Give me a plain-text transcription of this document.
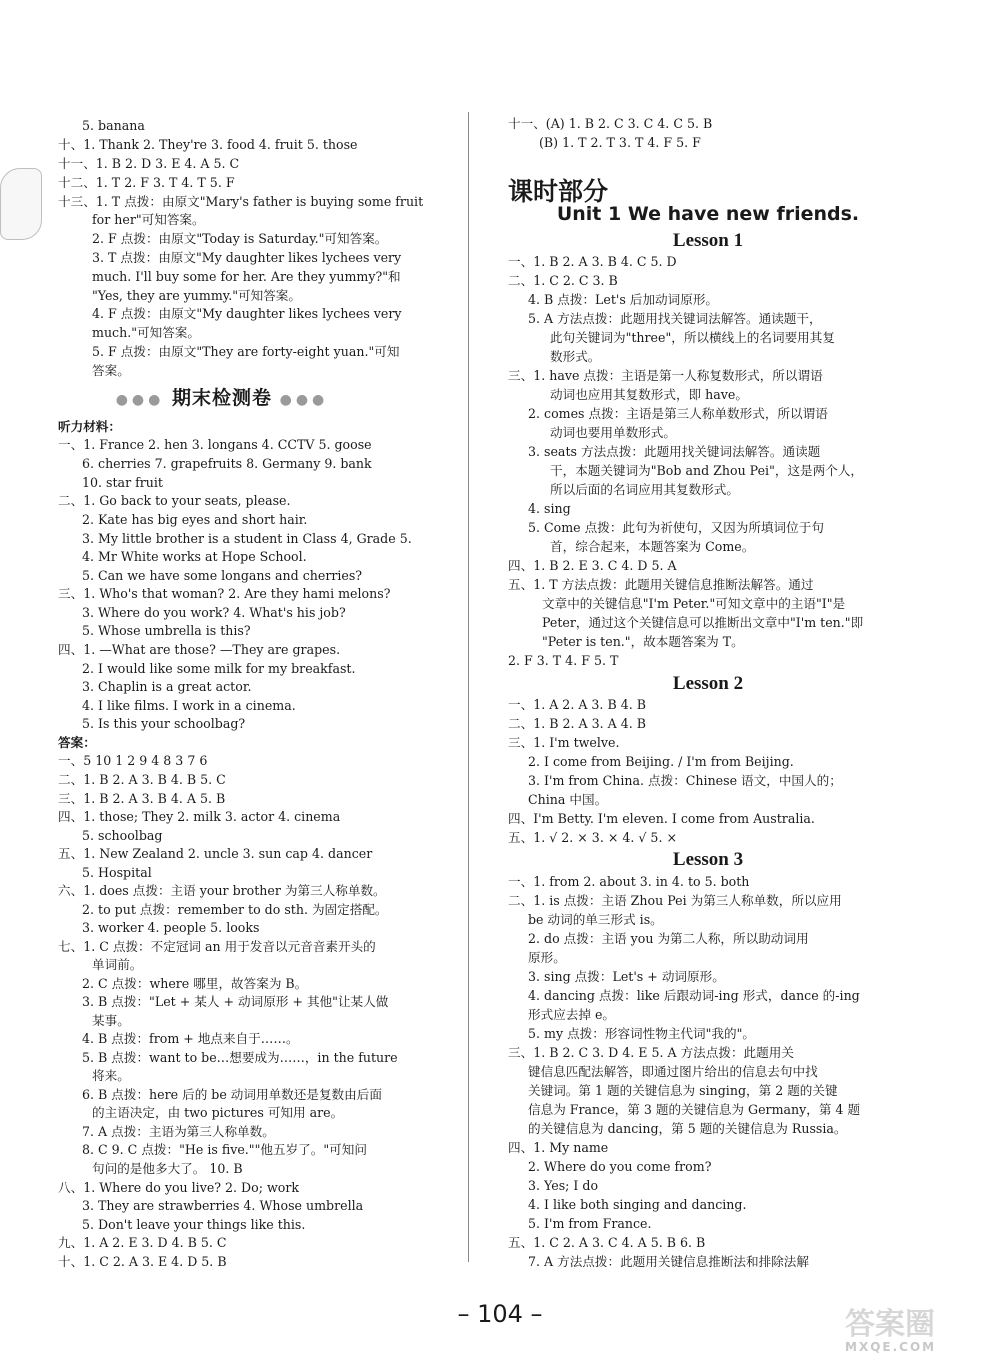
5. banana
十、1. Thank 2. They're 3. food 4. fruit 5. those
十一、1. B 2. D 3. E 4. A 5. C
十二、1. T 2. F 3. T 4. T 5. F
十三、1. T 点拨：由原文"Mary's father is buying some fruit
for her"可知答案。
2. F 点拨：由原文"Today is Saturday."可知答案。
3. T 点拨：由原文"My daughter likes lychees very
much. I'll buy some for her. Are they yummy?"和
"Yes, they are yummy."可知答案。
4. F 点拨：由原文"My daughter likes lychees very
much."可知答案。
5. F 点拨：由原文"They are forty-eight yuan."可知
答案。
听力材料：
一、1. France 2. hen 3. longans 4. CCTV 5. goose
6. cherries 7. grapefruits 8. Germany 9. bank
10. star fruit
二、1. Go back to your seats, please.
2. Kate has big eyes and short hair.
3. My little brother is a student in Class 4, Grade 5.
4. Mr White works at Hope School.
5. Can we have some longans and cherries?
三、1. Who's that woman? 2. Are they hami melons?
3. Where do you work? 4. What's his job?
5. Whose umbrella is this?
四、1. —What are those? —They are grapes.
2. I would like some milk for my breakfast.
3. Chaplin is a great actor.
4. I like films. I work in a cinema.
5. Is this your schoolbag?
答案：
一、5 10 1 2 9 4 8 3 7 6
二、1. B 2. A 3. B 4. B 5. C
三、1. B 2. A 3. B 4. A 5. B
四、1. those; They 2. milk 3. actor 4. cinema
5. schoolbag
五、1. New Zealand 2. uncle 3. sun cap 4. dancer
5. Hospital
六、1. does 点拨：主语 your brother 为第三人称单数。
2. to put 点拨：remember to do sth. 为固定搭配。
3. worker 4. people 5. looks
七、1. C 点拨：不定冠词 an 用于发音以元音音素开头的
单词前。
2. C 点拨：where 哪里，故答案为 B。
3. B 点拨："Let + 某人 + 动词原形 + 其他"让某人做
某事。
4. B 点拨：from + 地点来自于……。
5. B 点拨：want to be…想要成为……，in the future
将来。
6. B 点拨：here 后的 be 动词用单数还是复数由后面
的主语决定，由 two pictures 可知用 are。
7. A 点拨：主语为第三人称单数。
8. C 9. C 点拨："He is five.""他五岁了。"可知问
句问的是他多大了。 10. B
八、1. Where do you live? 2. Do; work
3. They are strawberries 4. Whose umbrella
5. Don't leave your things like this.
九、1. A 2. E 3. D 4. B 5. C
十、1. C 2. A 3. E 4. D 5. B
●●● 期末检测卷 ●●●
十一、(A) 1. B 2. C 3. C 4. C 5. B
(B) 1. T 2. T 3. T 4. F 5. F
课时部分
Unit 1 We have new friends.
Lesson 1
一、1. B 2. A 3. B 4. C 5. D
二、1. C 2. C 3. B
4. B 点拨：Let's 后加动词原形。
5. A 方法点拨：此题用找关键词法解答。通读题干，
此句关键词为"three"，所以横线上的名词要用其复
数形式。
三、1. have 点拨：主语是第一人称复数形式，所以谓语
动词也应用其复数形式，即 have。
2. comes 点拨：主语是第三人称单数形式，所以谓语
动词也要用单数形式。
3. seats 方法点拨：此题用找关键词法解答。通读题
干，本题关键词为"Bob and Zhou Pei"，这是两个人，
所以后面的名词应用其复数形式。
4. sing
5. Come 点拨：此句为祈使句，又因为所填词位于句
首，综合起来，本题答案为 Come。
四、1. B 2. E 3. C 4. D 5. A
五、1. T 方法点拨：此题用关键信息推断法解答。通过
文章中的关键信息"I'm Peter."可知文章中的主语"I"是
Peter，通过这个关键信息可以推断出文章中"I'm ten."即
"Peter is ten."，故本题答案为 T。
2. F 3. T 4. F 5. T
Lesson 2
一、1. A 2. A 3. B 4. B
二、1. B 2. A 3. A 4. B
三、1. I'm twelve.
2. I come from Beijing. / I'm from Beijing.
3. I'm from China. 点拨：Chinese 语文，中国人的；
China 中国。
四、I'm Betty. I'm eleven. I come from Australia.
五、1. √ 2. × 3. × 4. √ 5. ×
Lesson 3
一、1. from 2. about 3. in 4. to 5. both
二、1. is 点拨：主语 Zhou Pei 为第三人称单数，所以应用
be 动词的单三形式 is。
2. do 点拨：主语 you 为第二人称，所以助动词用
原形。
3. sing 点拨：Let's + 动词原形。
4. dancing 点拨：like 后跟动词-ing 形式，dance 的-ing
形式应去掉 e。
5. my 点拨：形容词性物主代词"我的"。
三、1. B 2. C 3. D 4. E 5. A 方法点拨：此题用关
键信息匹配法解答，即通过图片给出的信息去句中找
关键词。第 1 题的关键信息为 singing，第 2 题的关键
信息为 France，第 3 题的关键信息为 Germany，第 4 题
的关键信息为 dancing，第 5 题的关键信息为 Russia。
四、1. My name
2. Where do you come from?
3. Yes; I do
4. I like both singing and dancing.
5. I'm from France.
五、1. C 2. A 3. C 4. A 5. B 6. B
7. A 方法点拨：此题用关键信息推断法和排除法解
– 104 –	答案圈
MXQE.COM
